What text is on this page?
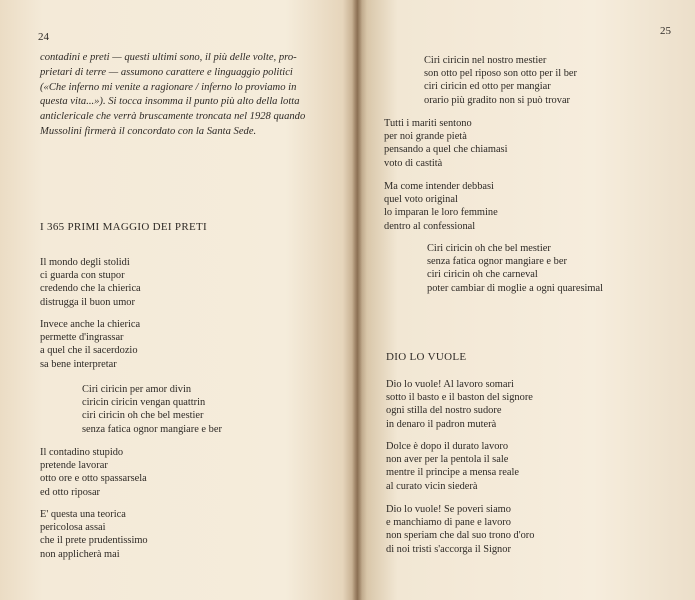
24
contadini e preti — questi ultimi sono, il più delle volte, pro-
prietari di terre — assumono carattere e linguaggio politici
(«Che inferno mi venite a ragionare / inferno lo proviamo in
questa vita...»). Si tocca insomma il punto più alto della lotta
anticlericale che verrà bruscamente troncata nel 1928 quando
Mussolini firmerà il concordato con la Santa Sede.
I 365 PRIMI MAGGIO DEI PRETI
Il mondo degli stolidi
ci guarda con stupor
credendo che la chierica
distrugga il buon umor
Invece anche la chierica
permette d'ingrassar
a quel che il sacerdozio
sa bene interpretar
Ciri ciricin per amor divin
ciricin ciricin vengan quattrin
ciri ciricin oh che bel mestier
senza fatica ognor mangiare e ber
Il contadino stupido
pretende lavorar
otto ore e otto spassarsela
ed otto riposar
E' questa una teorica
pericolosa assai
che il prete prudentissimo
non applicherà mai
25
Ciri ciricin nel nostro mestier
son otto pel riposo son otto per il ber
ciri ciricin ed otto per mangiar
orario più gradito non si può trovar
Tutti i mariti sentono
per noi grande pietà
pensando a quel che chiamasi
voto di castità
Ma come intender debbasi
quel voto original
lo imparan le loro femmine
dentro al confessional
Ciri ciricin oh che bel mestier
senza fatica ognor mangiare e ber
ciri ciricin oh che carneval
poter cambiar di moglie a ogni quaresimal
DIO LO VUOLE
Dio lo vuole! Al lavoro somari
sotto il basto e il baston del signore
ogni stilla del nostro sudore
in denaro il padron muterà
Dolce è dopo il durato lavoro
non aver per la pentola il sale
mentre il principe a mensa reale
al curato vicin siederà
Dio lo vuole! Se poveri siamo
e manchiamo di pane e lavoro
non speriam che dal suo trono d'oro
di noi tristi s'accorga il Signor
